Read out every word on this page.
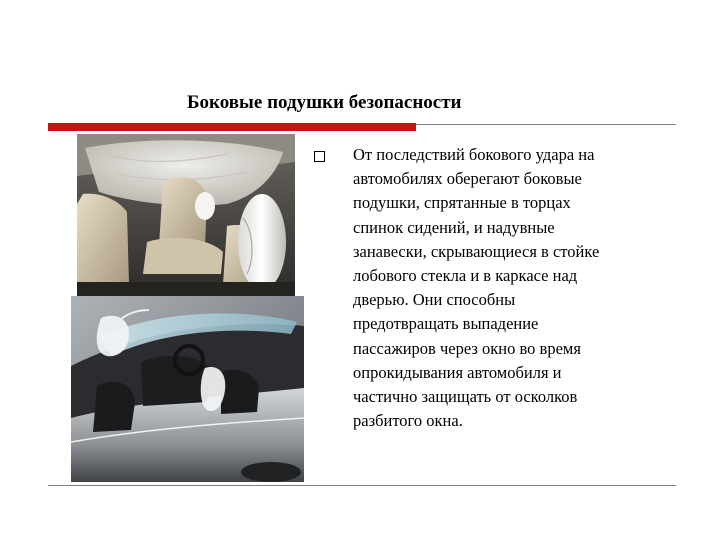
Боковые подушки безопасности
От последствий бокового удара на
автомобилях оберегают боковые
подушки, спрятанные в торцах
спинок сидений, и надувные
занавески, скрывающиеся в стойке
лобового стекла и в каркасе над
дверью. Они способны
предотвращать выпадение
пассажиров через окно во время
опрокидывания автомобиля и
частично защищать от осколков
разбитого окна.
